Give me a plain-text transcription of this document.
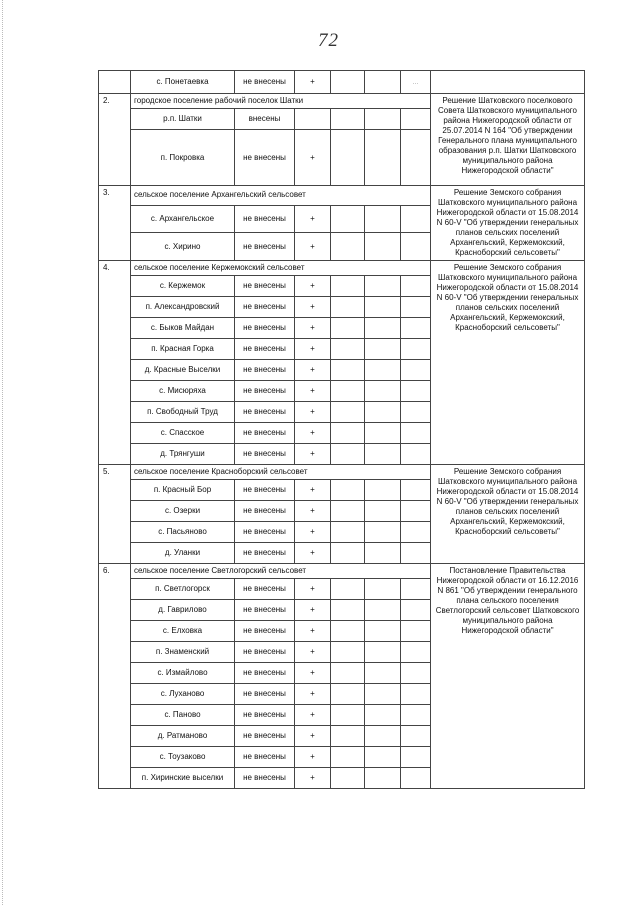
72
	с. Понетаевка	не внесены	+			...	
2.	городское поселение рабочий поселок Шатки						Решение Шатковского поселкового Совета Шатковского муниципального района Нижегородской области от 25.07.2014 N 164 "Об утверждении Генерального плана муниципального образования р.п. Шатки Шатковского муниципального района Нижегородской области"
	р.п. Шатки	внесены					
	п. Покровка	не внесены	+				
3.	сельское поселение Архангельский сельсовет						Решение Земского собрания Шатковского муниципального района Нижегородской области от 15.08.2014 N 60-V "Об утверждении генеральных планов сельских поселений Архангельский, Кержемокский, Красноборский сельсоветы"
	с. Архангельское	не внесены	+				
	с. Хирино	не внесены	+				
4.	сельское поселение Кержемокский сельсовет						Решение Земского собрания Шатковского муниципального района Нижегородской области от 15.08.2014 N 60-V "Об утверждении генеральных планов сельских поселений Архангельский, Кержемокский, Красноборский сельсоветы"
	с. Кержемок	не внесены	+				
	п. Александровский	не внесены	+				
	с. Быков Майдан	не внесены	+				
	п. Красная Горка	не внесены	+				
	д. Красные Выселки	не внесены	+				
	с. Мисюряха	не внесены	+				
	п. Свободный Труд	не внесены	+				
	с. Спасское	не внесены	+				
	д. Трянгуши	не внесены	+				
5.	сельское поселение Красноборский сельсовет						Решение Земского собрания Шатковского муниципального района Нижегородской области от 15.08.2014 N 60-V "Об утверждении генеральных планов сельских поселений Архангельский, Кержемокский, Красноборский сельсоветы"
	п. Красный Бор	не внесены	+				
	с. Озерки	не внесены	+				
	с. Пасьяново	не внесены	+				
	д. Уланки	не внесены	+				
6.	сельское поселение Светлогорский сельсовет						Постановление Правительства Нижегородской области от 16.12.2016 N 861 "Об утверждении генерального плана сельского поселения Светлогорский сельсовет Шатковского муниципального района Нижегородской области"
	п. Светлогорск	не внесены	+				
	д. Гаврилово	не внесены	+				
	с. Елховка	не внесены	+				
	п. Знаменский	не внесены	+				
	с. Измайлово	не внесены	+				
	с. Луханово	не внесены	+				
	с. Паново	не внесены	+				
	д. Ратманово	не внесены	+				
	с. Тоузаково	не внесены	+				
	п. Хиринские выселки	не внесены	+				
